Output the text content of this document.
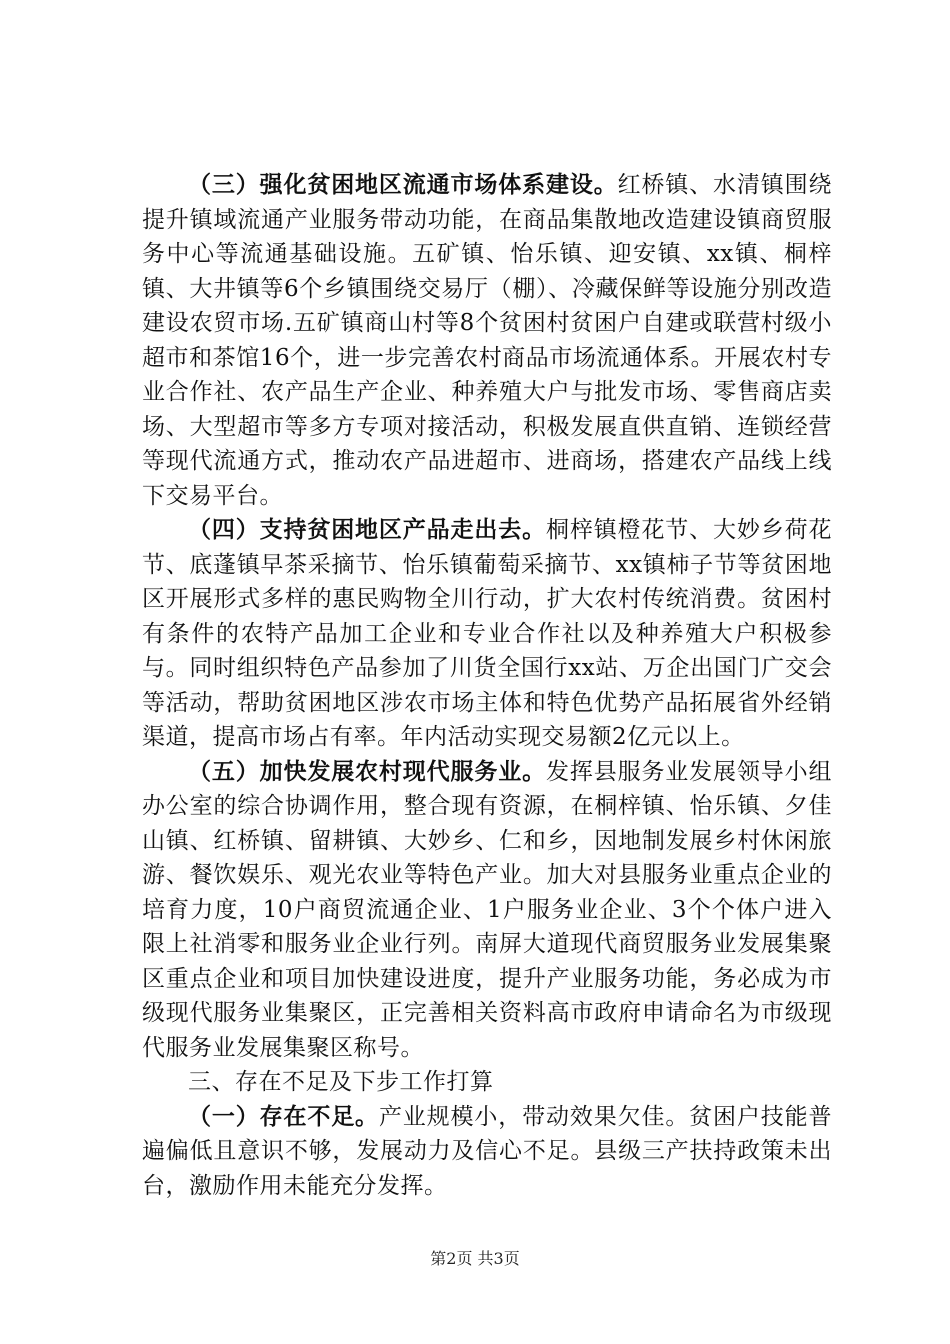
（三）强化贫困地区流通市场体系建设。红桥镇、水清镇围绕提升镇域流通产业服务带动功能，在商品集散地改造建设镇商贸服务中心等流通基础设施。五矿镇、怡乐镇、迎安镇、xx镇、桐梓镇、大井镇等6个乡镇围绕交易厅（棚）、冷藏保鲜等设施分别改造建设农贸市场.五矿镇商山村等8个贫困村贫困户自建或联营村级小超市和茶馆16个，进一步完善农村商品市场流通体系。开展农村专业合作社、农产品生产企业、种养殖大户与批发市场、零售商店卖场、大型超市等多方专项对接活动，积极发展直供直销、连锁经营等现代流通方式，推动农产品进超市、进商场，搭建农产品线上线下交易平台。

（四）支持贫困地区产品走出去。桐梓镇橙花节、大妙乡荷花节、底蓬镇早茶采摘节、怡乐镇葡萄采摘节、xx镇柿子节等贫困地区开展形式多样的惠民购物全川行动，扩大农村传统消费。贫困村有条件的农特产品加工企业和专业合作社以及种养殖大户积极参与。同时组织特色产品参加了川货全国行xx站、万企出国门广交会等活动，帮助贫困地区涉农市场主体和特色优势产品拓展省外经销渠道，提高市场占有率。年内活动实现交易额2亿元以上。

（五）加快发展农村现代服务业。发挥县服务业发展领导小组办公室的综合协调作用，整合现有资源，在桐梓镇、怡乐镇、夕佳山镇、红桥镇、留耕镇、大妙乡、仁和乡，因地制发展乡村休闲旅游、餐饮娱乐、观光农业等特色产业。加大对县服务业重点企业的培育力度，10户商贸流通企业、1户服务业企业、3个个体户进入限上社消零和服务业企业行列。南屏大道现代商贸服务业发展集聚区重点企业和项目加快建设进度，提升产业服务功能，务必成为市级现代服务业集聚区，正完善相关资料高市政府申请命名为市级现代服务业发展集聚区称号。

三、存在不足及下步工作打算

（一）存在不足。产业规模小，带动效果欠佳。贫困户技能普遍偏低且意识不够，发展动力及信心不足。县级三产扶持政策未出台，激励作用未能充分发挥。

第2页 共3页
